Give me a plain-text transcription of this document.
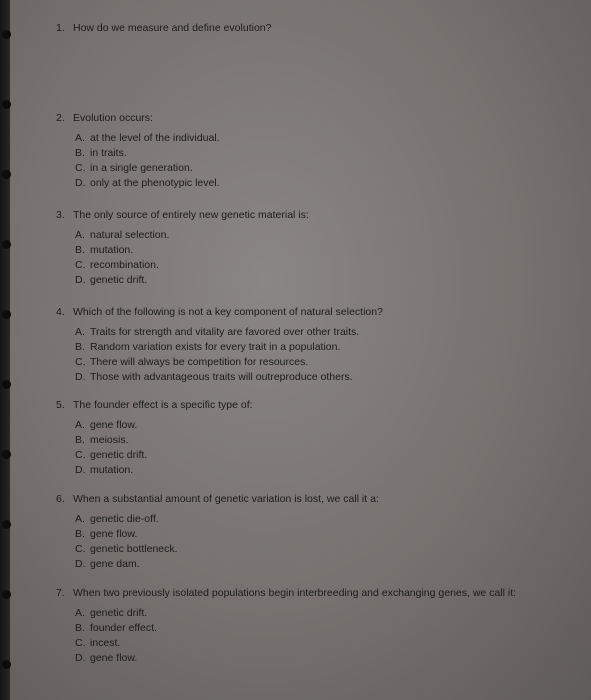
1. How do we measure and define evolution?

2. Evolution occurs:

A. at the level of the individual.
B. in traits.
C. in a single generation.
D. only at the phenotypic level.

3. The only source of entirely new genetic material is:

A. natural selection.
B. mutation.
C. recombination.
D. genetic drift.

4. Which of the following is not a key component of natural selection?

A. Traits for strength and vitality are favored over other traits.
B. Random variation exists for every trait in a population.
C. There will always be competition for resources.
D. Those with advantageous traits will outreproduce others.

5. The founder effect is a specific type of:

A. gene flow.
B. meiosis.
C. genetic drift.
D. mutation.

6. When a substantial amount of genetic variation is lost, we call it a:

A. genetic die-off.
B. gene flow.
C. genetic bottleneck.
D. gene dam.

7. When two previously isolated populations begin interbreeding and exchanging genes, we call it:

A. genetic drift.
B. founder effect.
C. incest.
D. gene flow.
